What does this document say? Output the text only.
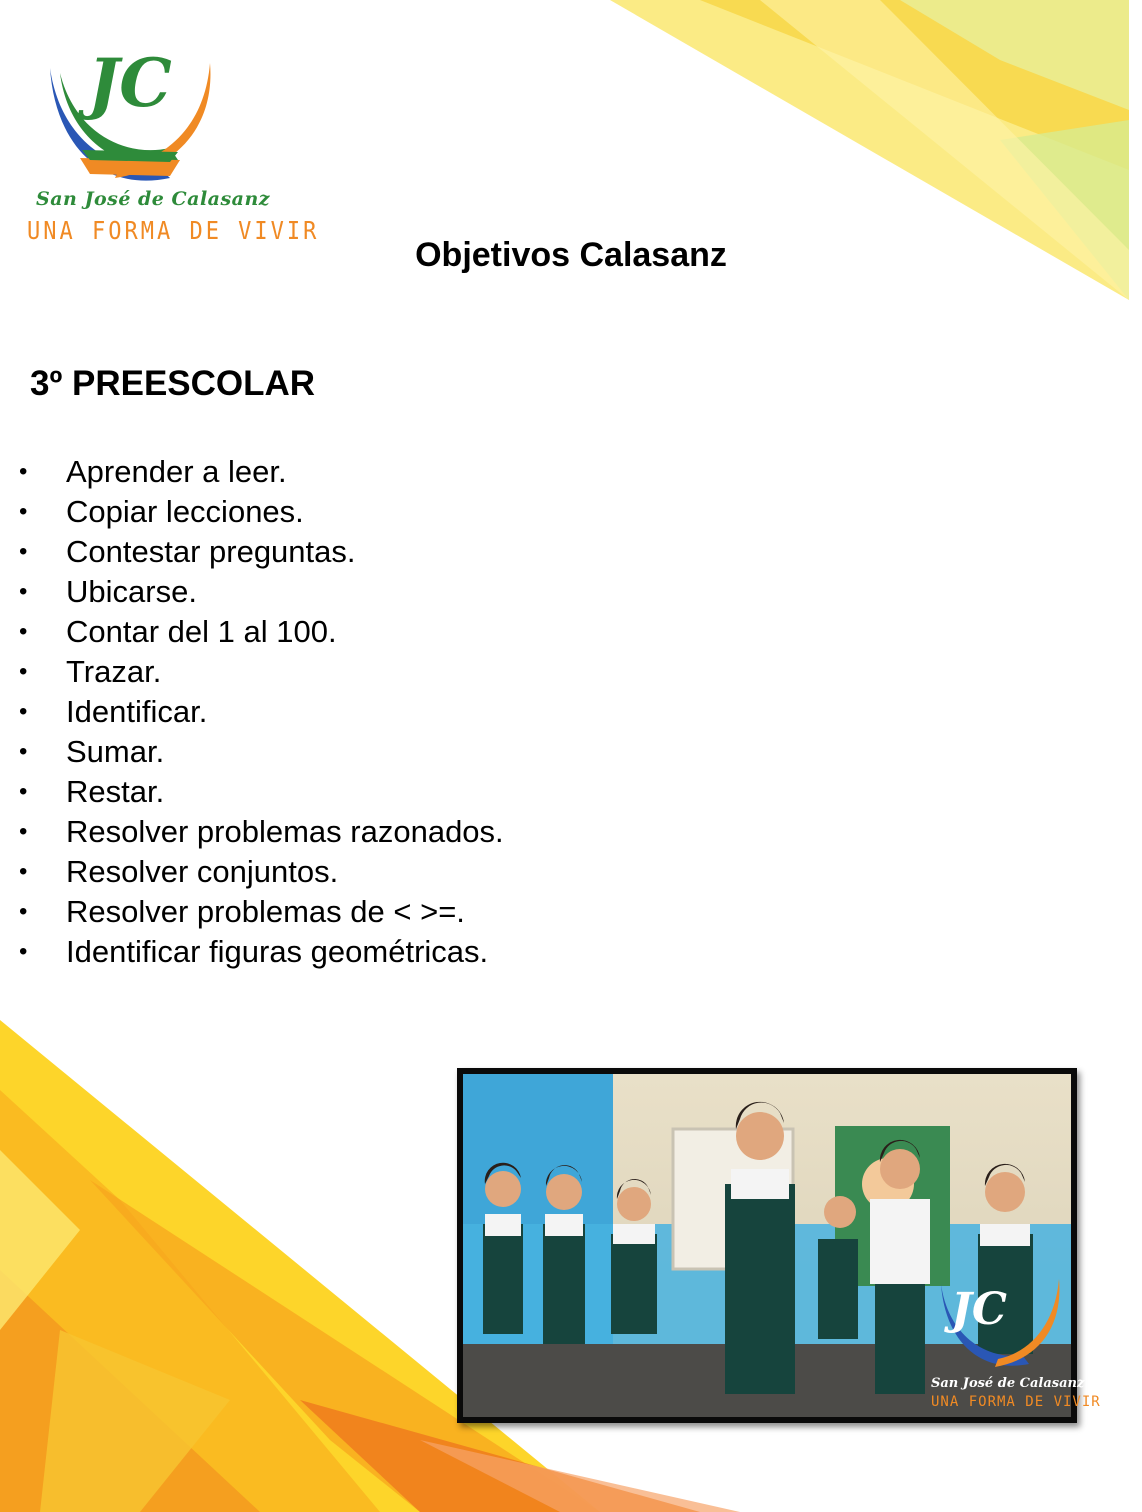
JC
San José de Calasanz
UNA FORMA DE VIVIR
Objetivos Calasanz
3º PREESCOLAR
•	Aprender a leer.
•	Copiar lecciones.
•	Contestar preguntas.
•	Ubicarse.
•	Contar del 1 al 100.
•	Trazar.
•	Identificar.
•	Sumar.
•	Restar.
•	Resolver problemas razonados.
•	Resolver conjuntos.
•	Resolver problemas de < >=.
•	Identificar figuras geométricas.
JC
San José de Calasanz
UNA FORMA DE VIVIR
